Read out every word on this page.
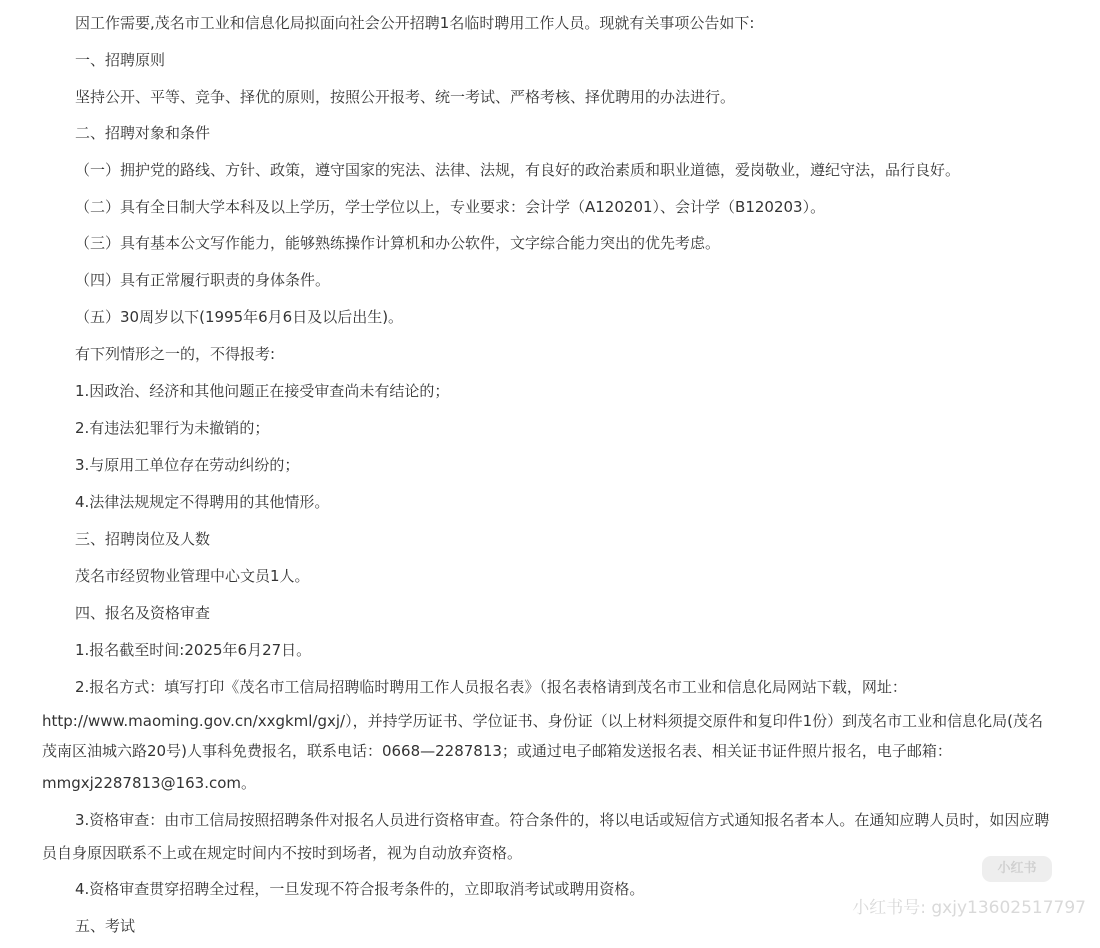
因工作需要,茂名市工业和信息化局拟面向社会公开招聘1名临时聘用工作人员。现就有关事项公告如下:
一、招聘原则
坚持公开、平等、竞争、择优的原则，按照公开报考、统一考试、严格考核、择优聘用的办法进行。
二、招聘对象和条件
（一）拥护党的路线、方针、政策，遵守国家的宪法、法律、法规，有良好的政治素质和职业道德，爱岗敬业，遵纪守法，品行良好。
（二）具有全日制大学本科及以上学历，学士学位以上，专业要求：会计学（A120201）、会计学（B120203）。
（三）具有基本公文写作能力，能够熟练操作计算机和办公软件，文字综合能力突出的优先考虑。
（四）具有正常履行职责的身体条件。
（五）30周岁以下(1995年6月6日及以后出生)。
有下列情形之一的，不得报考:
1.因政治、经济和其他问题正在接受审查尚未有结论的；
2.有违法犯罪行为未撤销的；
3.与原用工单位存在劳动纠纷的；
4.法律法规规定不得聘用的其他情形。
三、招聘岗位及人数
茂名市经贸物业管理中心文员1人。
四、报名及资格审查
1.报名截至时间:2025年6月27日。
2.报名方式：填写打印《茂名市工信局招聘临时聘用工作人员报名表》（报名表格请到茂名市工业和信息化局网站下载，网址：
http://www.maoming.gov.cn/xxgkml/gxj/），并持学历证书、学位证书、身份证（以上材料须提交原件和复印件1份）到茂名市工业和信息化局(茂名
茂南区油城六路20号)人事科免费报名，联系电话：0668—2287813；或通过电子邮箱发送报名表、相关证书证件照片报名，电子邮箱：
mmgxj2287813@163.com。
3.资格审查：由市工信局按照招聘条件对报名人员进行资格审查。符合条件的，将以电话或短信方式通知报名者本人。在通知应聘人员时，如因应聘
员自身原因联系不上或在规定时间内不按时到场者，视为自动放弃资格。
4.资格审查贯穿招聘全过程，一旦发现不符合报考条件的，立即取消考试或聘用资格。
五、考试
小红书
小红书号: gxjy13602517797
